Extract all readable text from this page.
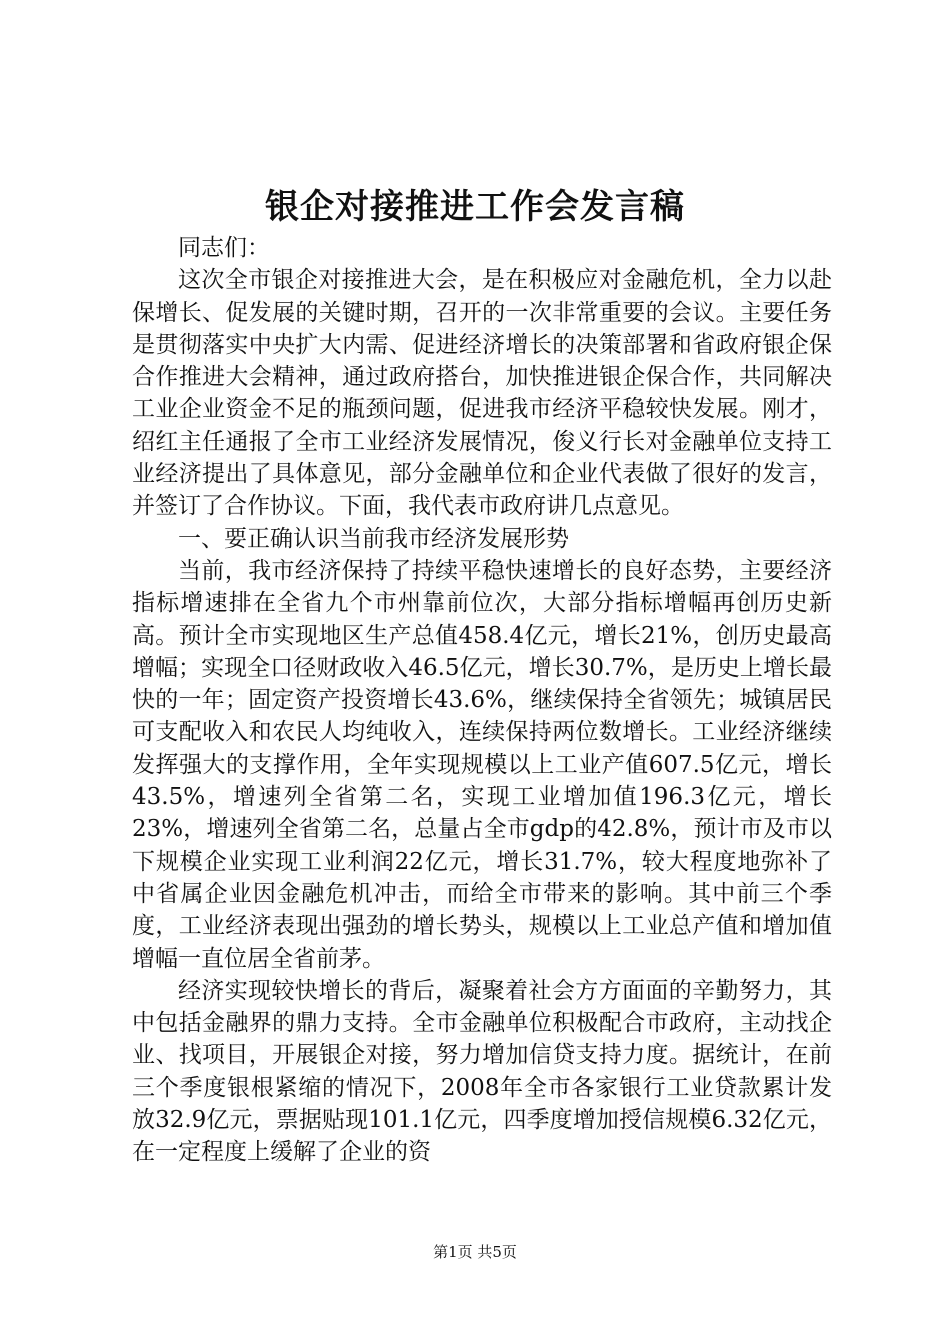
银企对接推进工作会发言稿

同志们：

这次全市银企对接推进大会，是在积极应对金融危机，全力以赴保增长、促发展的关键时期，召开的一次非常重要的会议。主要任务是贯彻落实中央扩大内需、促进经济增长的决策部署和省政府银企保合作推进大会精神，通过政府搭台，加快推进银企保合作，共同解决工业企业资金不足的瓶颈问题，促进我市经济平稳较快发展。刚才，绍红主任通报了全市工业经济发展情况，俊义行长对金融单位支持工业经济提出了具体意见，部分金融单位和企业代表做了很好的发言，并签订了合作协议。下面，我代表市政府讲几点意见。

一、要正确认识当前我市经济发展形势

当前，我市经济保持了持续平稳快速增长的良好态势，主要经济指标增速排在全省九个市州靠前位次，大部分指标增幅再创历史新高。预计全市实现地区生产总值458.4亿元，增长21%，创历史最高增幅；实现全口径财政收入46.5亿元，增长30.7%，是历史上增长最快的一年；固定资产投资增长43.6%，继续保持全省领先；城镇居民可支配收入和农民人均纯收入，连续保持两位数增长。工业经济继续发挥强大的支撑作用，全年实现规模以上工业产值607.5亿元，增长43.5%，增速列全省第二名，实现工业增加值196.3亿元，增长23%，增速列全省第二名，总量占全市gdp的42.8%，预计市及市以下规模企业实现工业利润22亿元，增长31.7%，较大程度地弥补了中省属企业因金融危机冲击，而给全市带来的影响。其中前三个季度，工业经济表现出强劲的增长势头，规模以上工业总产值和增加值增幅一直位居全省前茅。

经济实现较快增长的背后，凝聚着社会方方面面的辛勤努力，其中包括金融界的鼎力支持。全市金融单位积极配合市政府，主动找企业、找项目，开展银企对接，努力增加信贷支持力度。据统计，在前三个季度银根紧缩的情况下，2008年全市各家银行工业贷款累计发放32.9亿元，票据贴现101.1亿元，四季度增加授信规模6.32亿元，在一定程度上缓解了企业的资

第1页 共5页
